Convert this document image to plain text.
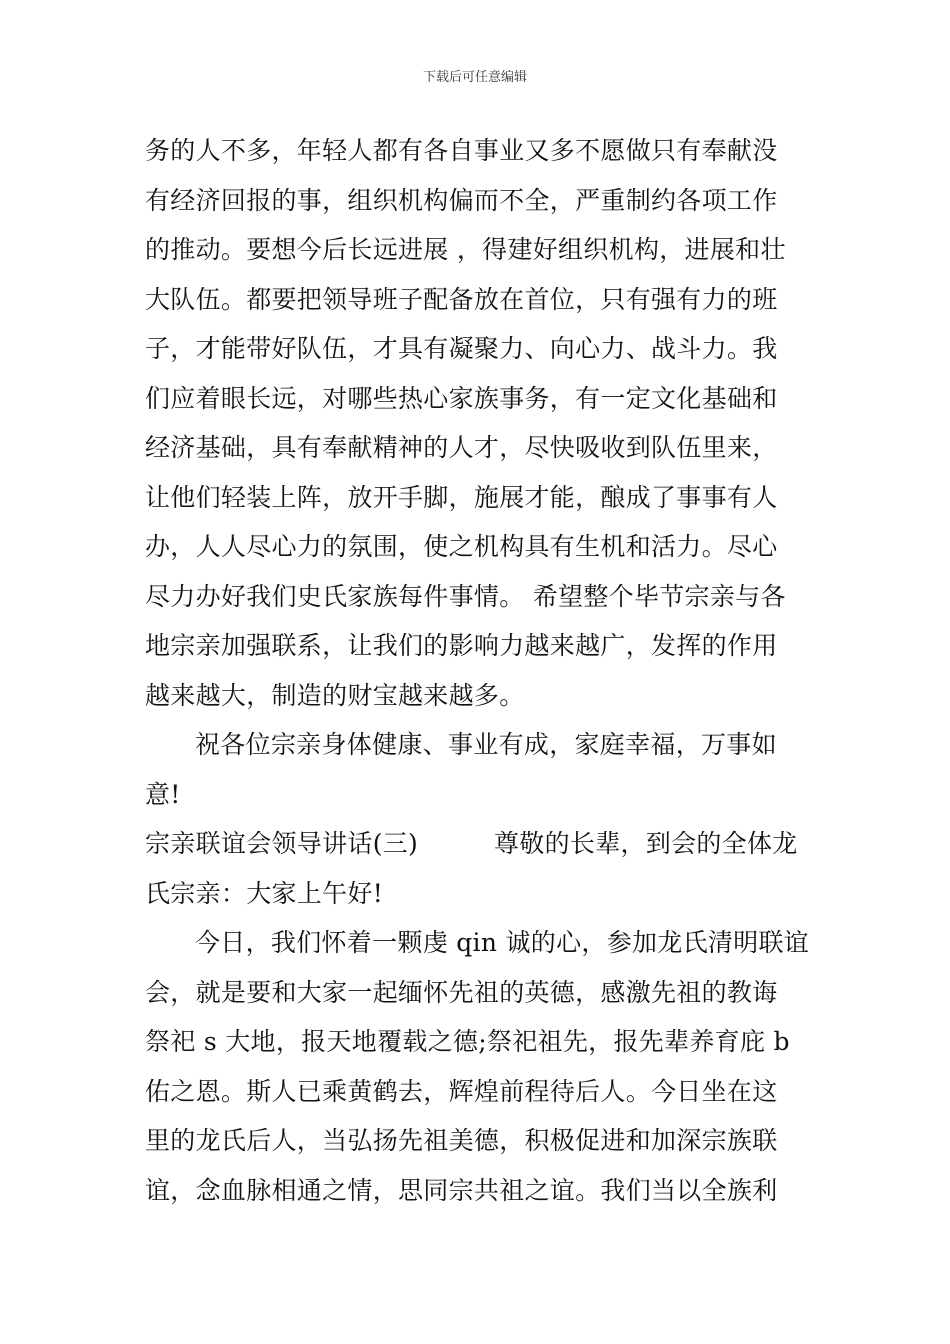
下载后可任意编辑
务的人不多，年轻人都有各自事业又多不愿做只有奉献没
有经济回报的事，组织机构偏而不全，严重制约各项工作
的推动。要想今后长远进展 ，得建好组织机构，进展和壮
大队伍。都要把领导班子配备放在首位，只有强有力的班
子，才能带好队伍，才具有凝聚力、向心力、战斗力。我
们应着眼长远，对哪些热心家族事务，有一定文化基础和
经济基础，具有奉献精神的人才，尽快吸收到队伍里来，
让他们轻装上阵，放开手脚，施展才能，酿成了事事有人
办，人人尽心力的氛围，使之机构具有生机和活力。尽心
尽力办好我们史氏家族每件事情。 希望整个毕节宗亲与各
地宗亲加强联系，让我们的影响力越来越广，发挥的作用
越来越大，制造的财宝越来越多。
祝各位宗亲身体健康、事业有成，家庭幸福，万事如
意!
宗亲联谊会领导讲话(三)　　　尊敬的长辈，到会的全体龙
氏宗亲：大家上午好!
今日，我们怀着一颗虔 qin 诚的心，参加龙氏清明联谊
会，就是要和大家一起缅怀先祖的英德，感激先祖的教诲
祭祀 s 大地，报天地覆载之德;祭祀祖先，报先辈养育庇 b
佑之恩。斯人已乘黄鹤去，辉煌前程待后人。今日坐在这
里的龙氏后人，当弘扬先祖美德，积极促进和加深宗族联
谊，念血脉相通之情，思同宗共祖之谊。我们当以全族利
